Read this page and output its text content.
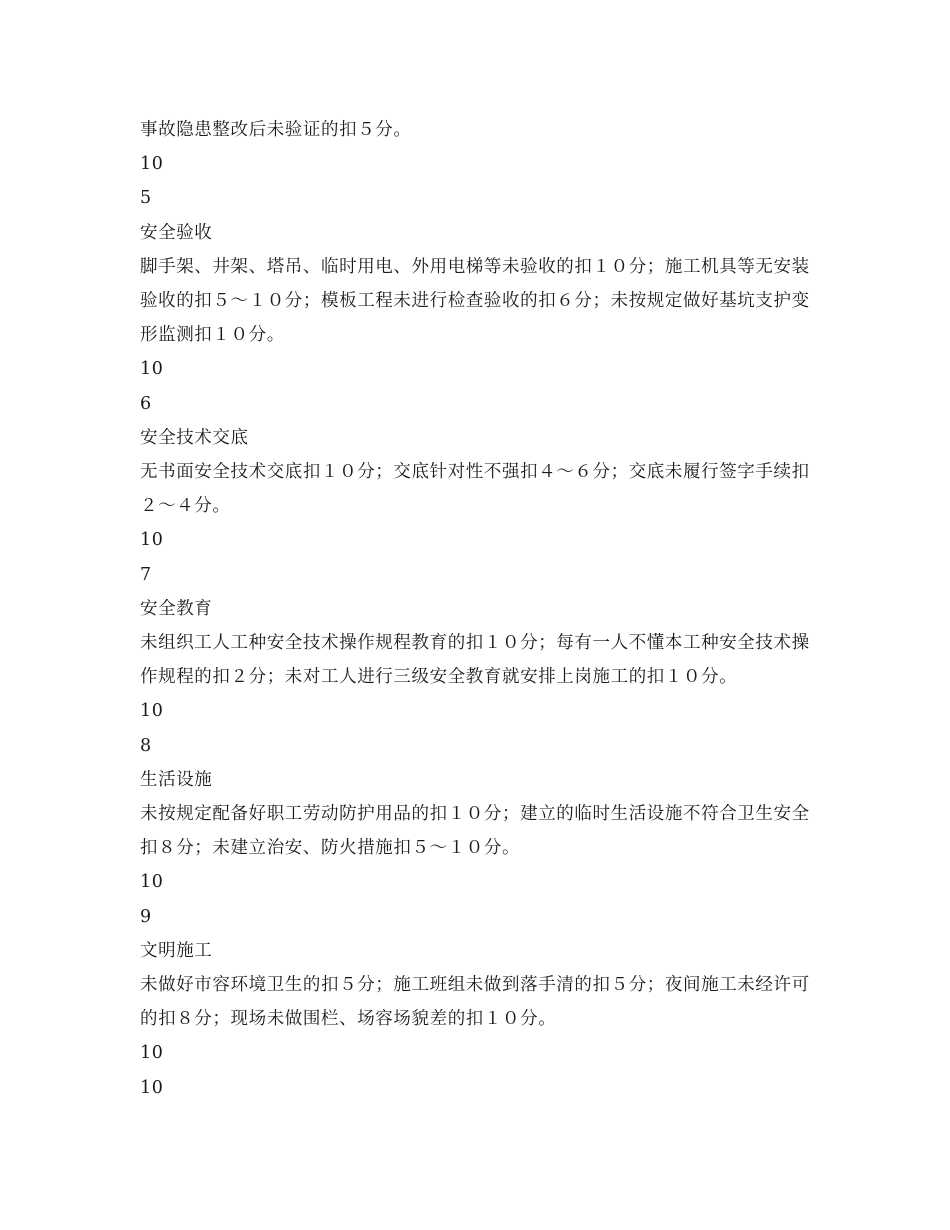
事故隐患整改后未验证的扣５分。

10

5

安全验收

脚手架、井架、塔吊、临时用电、外用电梯等未验收的扣１０分；施工机具等无安装验收的扣５～１０分；模板工程未进行检查验收的扣６分；未按规定做好基坑支护变形监测扣１０分。

10

6

安全技术交底

无书面安全技术交底扣１０分；交底针对性不强扣４～６分；交底未履行签字手续扣２～４分。

10

7

安全教育

未组织工人工种安全技术操作规程教育的扣１０分；每有一人不懂本工种安全技术操作规程的扣２分；未对工人进行三级安全教育就安排上岗施工的扣１０分。

10

8

生活设施

未按规定配备好职工劳动防护用品的扣１０分；建立的临时生活设施不符合卫生安全扣８分；未建立治安、防火措施扣５～１０分。

10

9

文明施工

未做好市容环境卫生的扣５分；施工班组未做到落手清的扣５分；夜间施工未经许可的扣８分；现场未做围栏、场容场貌差的扣１０分。

10

10
